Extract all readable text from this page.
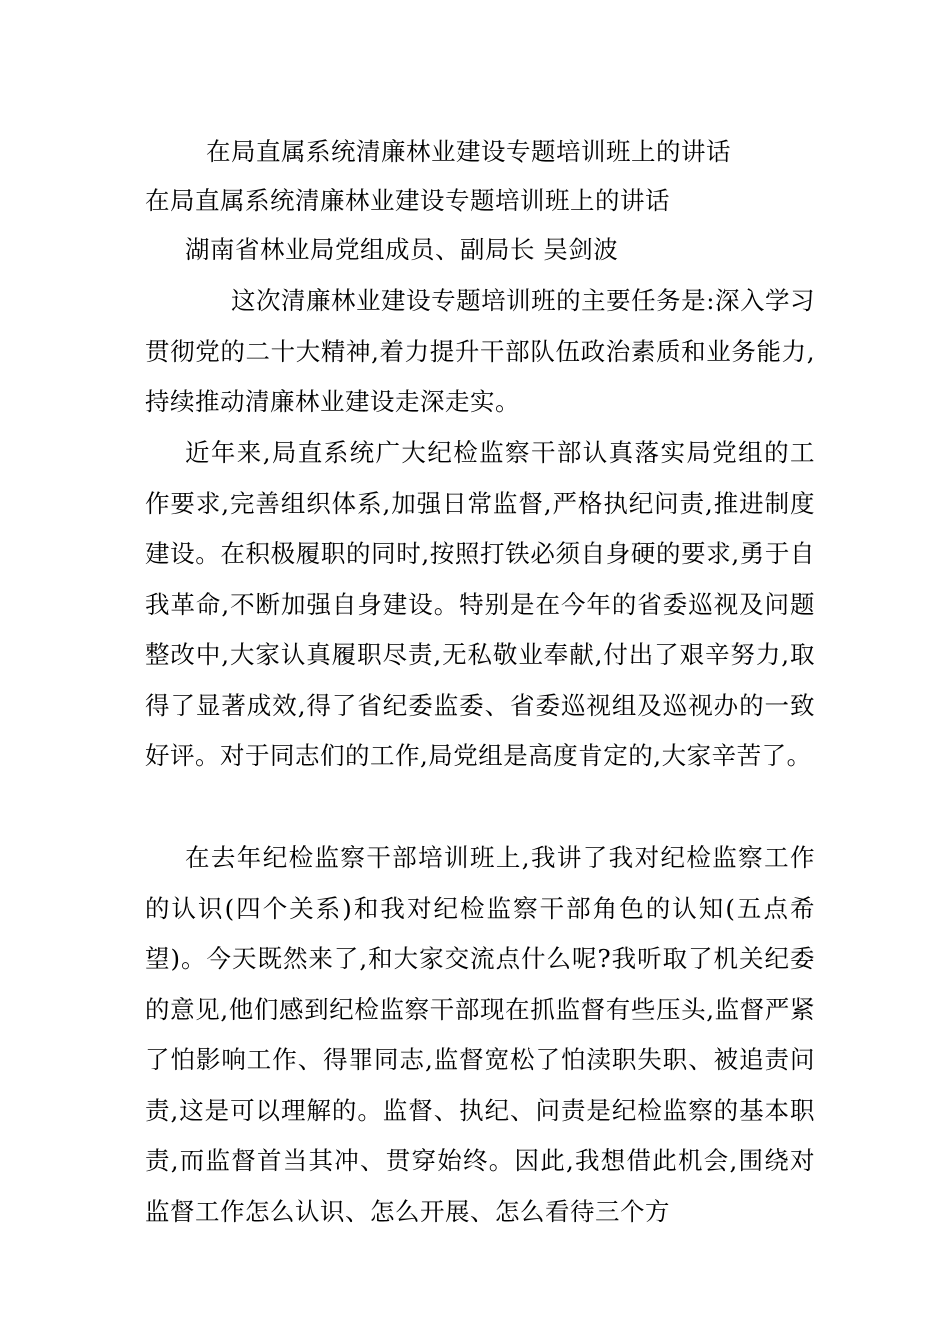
在局直属系统清廉林业建设专题培训班上的讲话
在局直属系统清廉林业建设专题培训班上的讲话
湖南省林业局党组成员、副局长 吴剑波

这次清廉林业建设专题培训班的主要任务是:深入学习贯彻党的二十大精神,着力提升干部队伍政治素质和业务能力,持续推动清廉林业建设走深走实。

近年来,局直系统广大纪检监察干部认真落实局党组的工作要求,完善组织体系,加强日常监督,严格执纪问责,推进制度建设。在积极履职的同时,按照打铁必须自身硬的要求,勇于自我革命,不断加强自身建设。特别是在今年的省委巡视及问题整改中,大家认真履职尽责,无私敬业奉献,付出了艰辛努力,取得了显著成效,得了省纪委监委、省委巡视组及巡视办的一致好评。对于同志们的工作,局党组是高度肯定的,大家辛苦了。

在去年纪检监察干部培训班上,我讲了我对纪检监察工作的认识(四个关系)和我对纪检监察干部角色的认知(五点希望)。今天既然来了,和大家交流点什么呢?我听取了机关纪委的意见,他们感到纪检监察干部现在抓监督有些压头,监督严紧了怕影响工作、得罪同志,监督宽松了怕渎职失职、被追责问责,这是可以理解的。监督、执纪、问责是纪检监察的基本职责,而监督首当其冲、贯穿始终。因此,我想借此机会,围绕对监督工作怎么认识、怎么开展、怎么看待三个方
